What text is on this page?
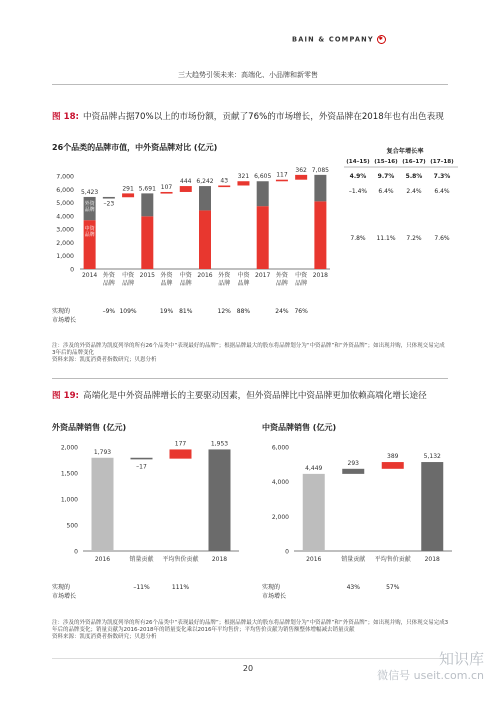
BAIN & COMPANY ✱
三大趋势引领未来：高端化、小品牌和新零售
图 18: 中资品牌占据70%以上的市场份额，贡献了76%的市场增长，外资品牌在2018年也有出色表现
26个品类的品牌市值，中外资品牌对比 (亿元)
0
1,000
2,000
3,000
4,000
5,000
6,000
7,000
外资
品牌
中资
品牌
5,423
2014
–23
外资
品牌
291
中资
品牌
5,691
2015
107
外资
品牌
444
中资
品牌
6,242
2016
43
外资
品牌
321
中资
品牌
6,605
2017
117
外资
品牌
362
中资
品牌
7,085
2018
复合年增长率
(14–15) (15–16) (16–17) (17–18)
4.9% 9.7% 5.8% 7.3%
–1.4% 6.4% 2.4% 6.4%
7.8% 11.1% 7.2% 7.6%
实现的
市场增长
–9% 109%	19% 81%	12% 88%	24% 76%
0
500
1,000
1,500
2,000
1,793
2016
–17
销量贡献
177
平均售价贡献
1,953
2018
0
2,000
4,000
6,000
4,449
2016
293
销量贡献
389
平均售价贡献
5,132
2018
实现的
市场增长
实现的
市场增长
–11%	111%	43%	57%
注：涉及的外资品牌为凯度列举的所有26个品类中“表现最好的品牌”；根据品牌最大的股东将品牌划分为“中资品牌”和“外资品牌”；如出现并购，只体现交易完成3年后的品牌变化
资料来源：凯度消费者指数研究；贝恩分析
图 19: 高端化是中外资品牌增长的主要驱动因素，但外资品牌比中资品牌更加依赖高端化增长途径
外资品牌销售 (亿元)	中资品牌销售 (亿元)
注：涉及的外资品牌为凯度列举的所有26个品类中“表现最好的品牌”；根据品牌最大的股东将品牌划分为“中资品牌”和“外资品牌”；如出现并购，只体现交易完成3年后的品牌变化；销量贡献为2016-2018年的销量变化乘以2016年平均售价；平均售价贡献为销售额整体增幅减去销量贡献
资料来源：凯度消费者指数研究；贝恩分析
20
知识库
微信号 useit.com.cn
